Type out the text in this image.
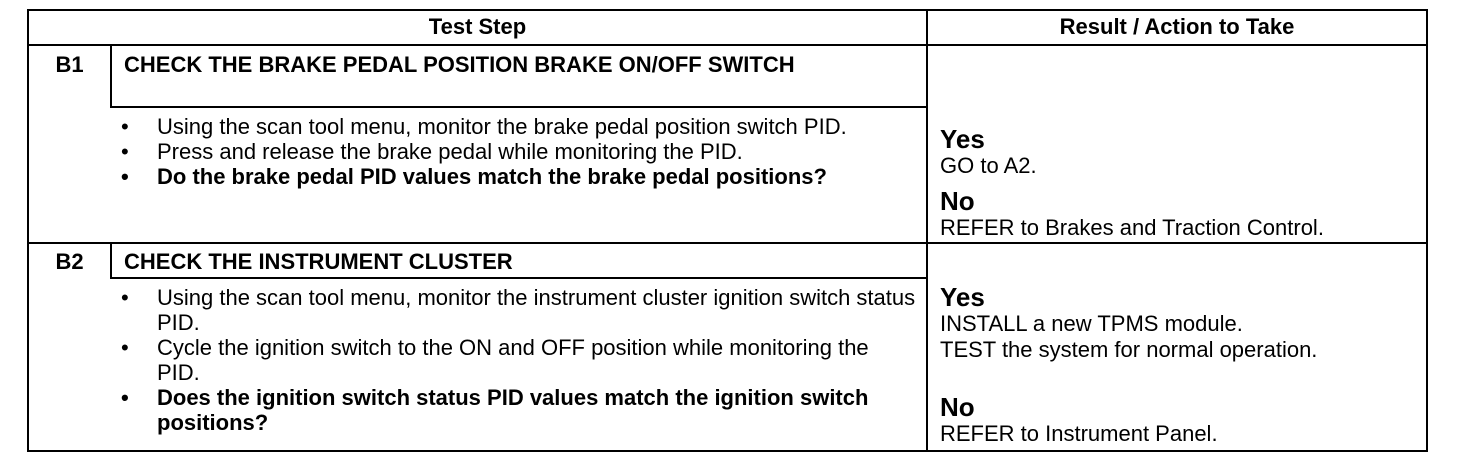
Test Step	Result / Action to Take
B1	CHECK THE BRAKE PEDAL POSITION BRAKE ON/OFF SWITCH
• Using the scan tool menu, monitor the brake pedal position switch PID.
• Press and release the brake pedal while monitoring the PID.
• Do the brake pedal PID values match the brake pedal positions?
Yes
GO to A2.
No
REFER to Brakes and Traction Control.
B2	CHECK THE INSTRUMENT CLUSTER
• Using the scan tool menu, monitor the instrument cluster ignition switch status PID.
• Cycle the ignition switch to the ON and OFF position while monitoring the PID.
• Does the ignition switch status PID values match the ignition switch positions?
Yes
INSTALL a new TPMS module.
TEST the system for normal operation.
No
REFER to Instrument Panel.
